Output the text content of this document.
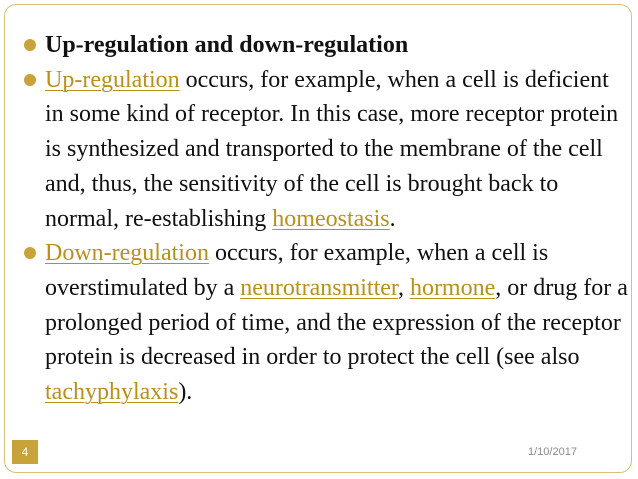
Up-regulation and down-regulation
Up-regulation occurs, for example, when a cell is deficient in some kind of receptor. In this case, more receptor protein is synthesized and transported to the membrane of the cell and, thus, the sensitivity of the cell is brought back to normal, re-establishing homeostasis.
Down-regulation occurs, for example, when a cell is overstimulated by a neurotransmitter, hormone, or drug for a prolonged period of time, and the expression of the receptor protein is decreased in order to protect the cell (see also tachyphylaxis).
4	1/10/2017
